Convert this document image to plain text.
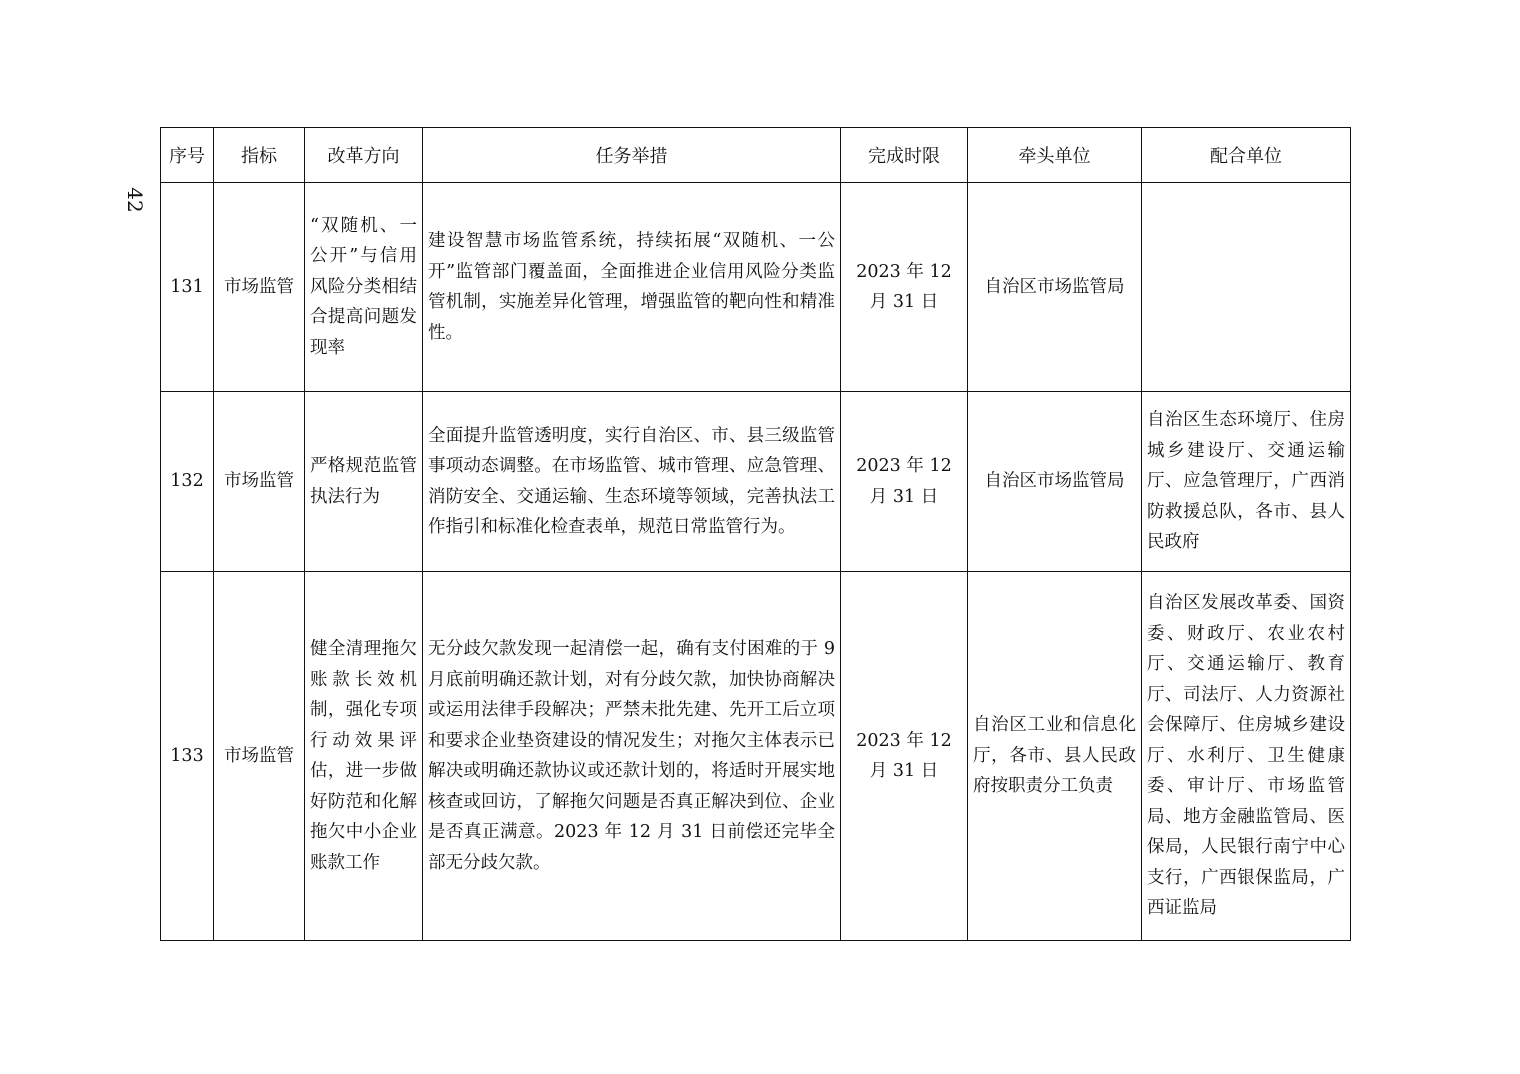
42
序号	指标	改革方向	任务举措	完成时限	牵头单位	配合单位
131	市场监管	“双随机、一公开”与信用风险分类相结合提高问题发现率	建设智慧市场监管系统，持续拓展“双随机、一公开”监管部门覆盖面，全面推进企业信用风险分类监管机制，实施差异化管理，增强监管的靶向性和精准性。	2023 年 12 月 31 日	自治区市场监管局	
132	市场监管	严格规范监管执法行为	全面提升监管透明度，实行自治区、市、县三级监管事项动态调整。在市场监管、城市管理、应急管理、消防安全、交通运输、生态环境等领域，完善执法工作指引和标准化检查表单，规范日常监管行为。	2023 年 12 月 31 日	自治区市场监管局	自治区生态环境厅、住房城乡建设厅、交通运输厅、应急管理厅，广西消防救援总队，各市、县人民政府
133	市场监管	健全清理拖欠账款长效机制，强化专项行动效果评估，进一步做好防范和化解拖欠中小企业账款工作	无分歧欠款发现一起清偿一起，确有支付困难的于 9 月底前明确还款计划，对有分歧欠款，加快协商解决或运用法律手段解决；严禁未批先建、先开工后立项和要求企业垫资建设的情况发生；对拖欠主体表示已解决或明确还款协议或还款计划的，将适时开展实地核查或回访，了解拖欠问题是否真正解决到位、企业是否真正满意。2023 年 12 月 31 日前偿还完毕全部无分歧欠款。	2023 年 12 月 31 日	自治区工业和信息化厅，各市、县人民政府按职责分工负责	自治区发展改革委、国资委、财政厅、农业农村厅、交通运输厅、教育厅、司法厅、人力资源社会保障厅、住房城乡建设厅、水利厅、卫生健康委、审计厅、市场监管局、地方金融监管局、医保局，人民银行南宁中心支行，广西银保监局，广西证监局
